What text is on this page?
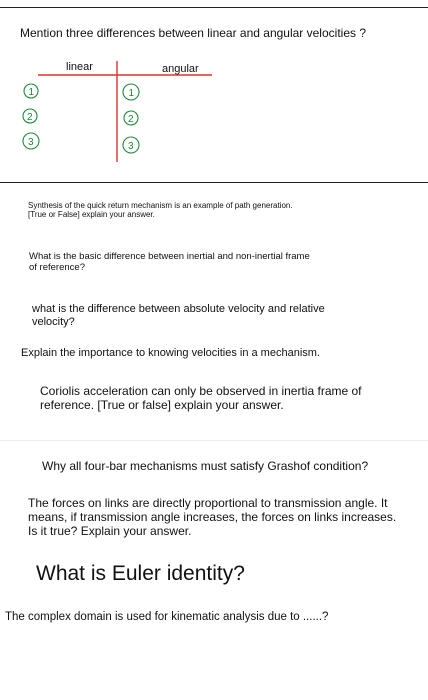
Mention three differences between linear and angular velocities ?

linear	angular
1
2
3
1
2
3

Synthesis of the quick return mechanism is an example of path generation.[True or False] explain your answer.

What is the basic difference between inertial and non-inertial frame of reference?

what is the difference between absolute velocity and relative velocity?

Explain the importance to knowing velocities in a mechanism.

Coriolis acceleration can only be observed in inertia frame of reference. [True or false] explain your answer.

Why all four-bar mechanisms must satisfy Grashof condition?

The forces on links are directly proportional to transmission angle. It means, if transmission angle increases, the forces on links increases. Is it true? Explain your answer.

What is Euler identity?

The complex domain is used for kinematic analysis due to ......?
